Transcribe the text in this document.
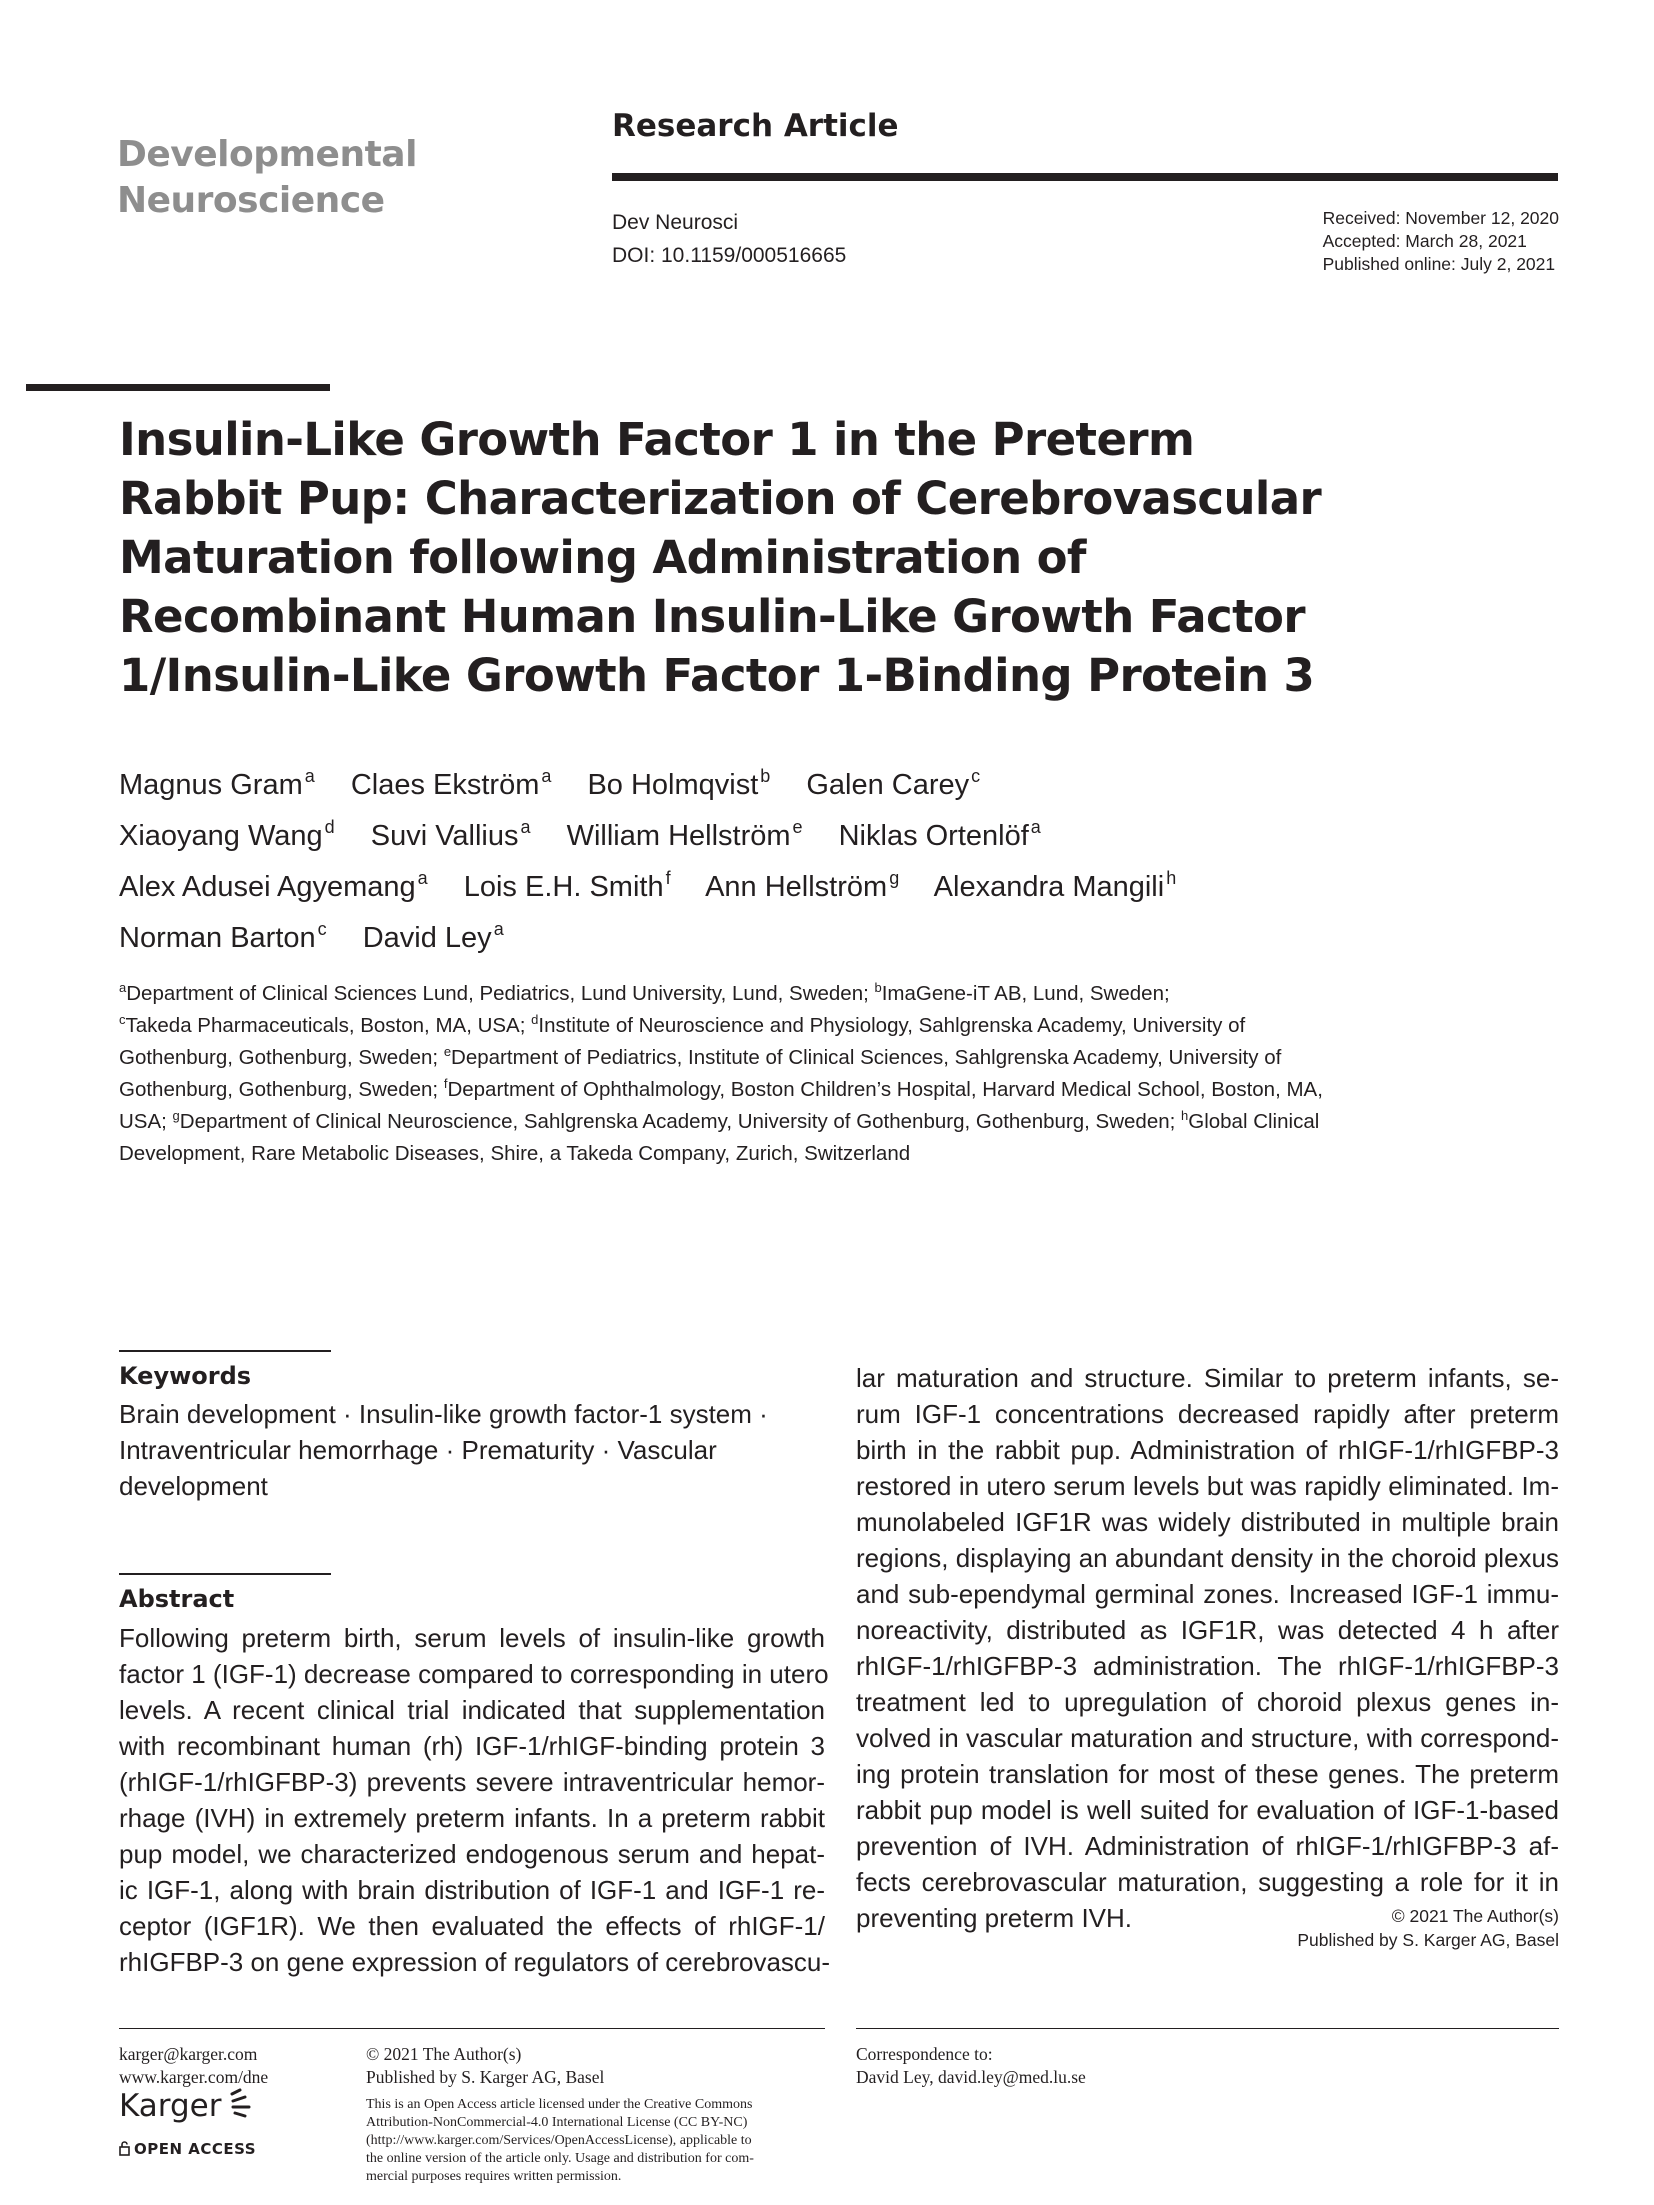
Developmental
Neuroscience
Research Article
Dev Neurosci
DOI: 10.1159/000516665
Received: November 12, 2020
Accepted: March 28, 2021
Published online: July 2, 2021
Insulin-Like Growth Factor 1 in the Preterm
Rabbit Pup: Characterization of Cerebrovascular
Maturation following Administration of
Recombinant Human Insulin-Like Growth Factor
1/Insulin-Like Growth Factor 1-Binding Protein 3
Magnus Gram $^a$ Claes Ekström $^a$ Bo Holmqvist $^b$ Galen Carey $^c$
Xiaoyang Wang $^d$ Suvi Vallius $^a$ William Hellström $^e$ Niklas Ortenlöf $^a$
Alex Adusei Agyemang $^a$ Lois E.H. Smith $^f$ Ann Hellström $^g$ Alexandra Mangili $^h$
Norman Barton $^c$ David Ley $^a$
$^a$Department of Clinical Sciences Lund, Pediatrics, Lund University, Lund, Sweden; $^b$ImaGene-iT AB, Lund, Sweden;
$^c$Takeda Pharmaceuticals, Boston, MA, USA; $^d$Institute of Neuroscience and Physiology, Sahlgrenska Academy, University of Gothenburg, Gothenburg, Sweden; $^e$Department of Pediatrics, Institute of Clinical Sciences, Sahlgrenska Academy, University of Gothenburg, Gothenburg, Sweden; $^f$Department of Ophthalmology, Boston Children’s Hospital, Harvard Medical School, Boston, MA, USA; $^g$Department of Clinical Neuroscience, Sahlgrenska Academy, University of Gothenburg, Gothenburg, Sweden; $^h$Global Clinical Development, Rare Metabolic Diseases, Shire, a Takeda Company, Zurich, Switzerland
Keywords
Brain development · Insulin-like growth factor-1 system ·
Intraventricular hemorrhage · Prematurity · Vascular
development
Abstract
Following preterm birth, serum levels of insulin-like growth
factor 1 (IGF-1) decrease compared to corresponding in utero
levels. A recent clinical trial indicated that supplementation
with recombinant human (rh) IGF-1/rhIGF-binding protein 3
(rhIGF-1/rhIGFBP-3) prevents severe intraventricular hemor-
rhage (IVH) in extremely preterm infants. In a preterm rabbit
pup model, we characterized endogenous serum and hepat-
ic IGF-1, along with brain distribution of IGF-1 and IGF-1 re-
ceptor (IGF1R). We then evaluated the effects of rhIGF-1/
rhIGFBP-3 on gene expression of regulators of cerebrovascu-
lar maturation and structure. Similar to preterm infants, se-
rum IGF-1 concentrations decreased rapidly after preterm
birth in the rabbit pup. Administration of rhIGF-1/rhIGFBP-3
restored in utero serum levels but was rapidly eliminated. Im-
munolabeled IGF1R was widely distributed in multiple brain
regions, displaying an abundant density in the choroid plexus
and sub-ependymal germinal zones. Increased IGF-1 immu-
noreactivity, distributed as IGF1R, was detected 4 h after
rhIGF-1/rhIGFBP-3 administration. The rhIGF-1/rhIGFBP-3
treatment led to upregulation of choroid plexus genes in-
volved in vascular maturation and structure, with correspond-
ing protein translation for most of these genes. The preterm
rabbit pup model is well suited for evaluation of IGF-1-based
prevention of IVH. Administration of rhIGF-1/rhIGFBP-3 af-
fects cerebrovascular maturation, suggesting a role for it in
preventing preterm IVH.	© 2021 The Author(s)
Published by S. Karger AG, Basel
karger@karger.com
www.karger.com/dne
Karger
OPEN ACCESS
© 2021 The Author(s)
Published by S. Karger AG, Basel
This is an Open Access article licensed under the Creative Commons
Attribution-NonCommercial-4.0 International License (CC BY-NC)
(http://www.karger.com/Services/OpenAccessLicense), applicable to
the online version of the article only. Usage and distribution for com-
mercial purposes requires written permission.
Correspondence to:
David Ley, david.ley@med.lu.se
